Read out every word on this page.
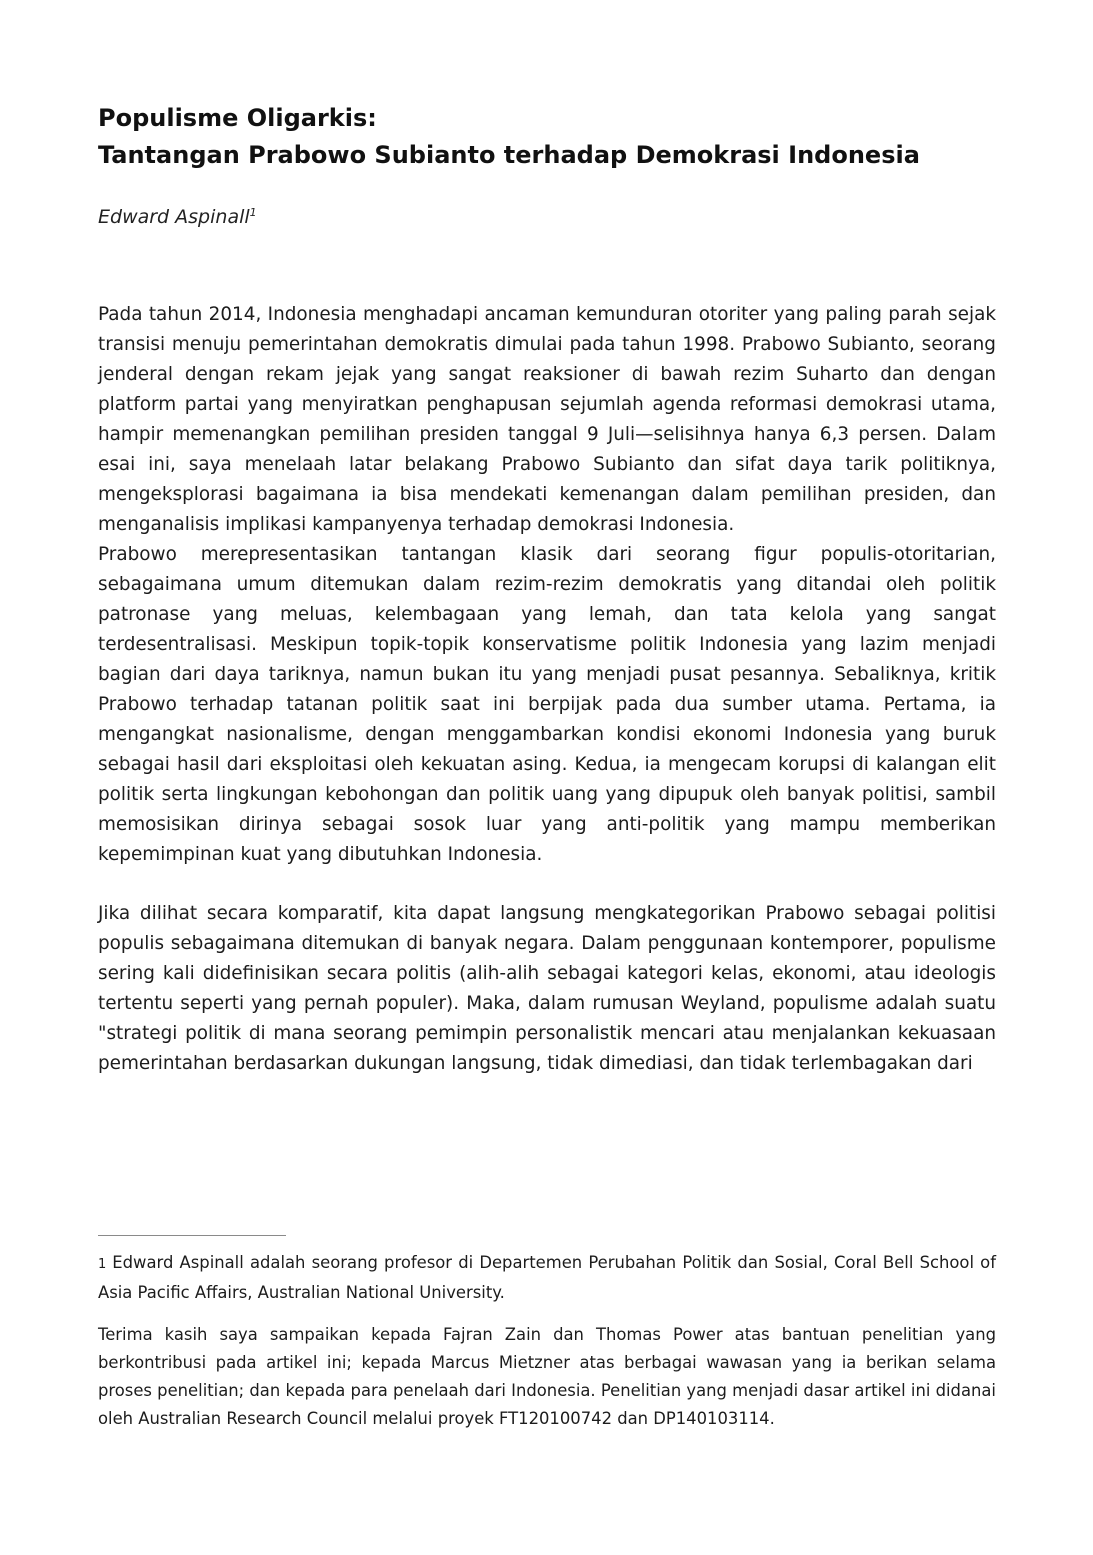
Populisme Oligarkis:
Tantangan Prabowo Subianto terhadap Demokrasi Indonesia

Edward Aspinall$^1$

Pada tahun 2014, Indonesia menghadapi ancaman kemunduran otoriter yang paling parah sejak transisi menuju pemerintahan demokratis dimulai pada tahun 1998. Prabowo Subianto, seorang jenderal dengan rekam jejak yang sangat reaksioner di bawah rezim Suharto dan dengan platform partai yang menyiratkan penghapusan sejumlah agenda reformasi demokrasi utama, hampir memenangkan pemilihan presiden tanggal 9 Juli—selisihnya hanya 6,3 persen. Dalam esai ini, saya menelaah latar belakang Prabowo Subianto dan sifat daya tarik politiknya, mengeksplorasi bagaimana ia bisa mendekati kemenangan dalam pemilihan presiden, dan menganalisis implikasi kampanyenya terhadap demokrasi Indonesia.

Prabowo merepresentasikan tantangan klasik dari seorang figur populis-otoritarian, sebagaimana umum ditemukan dalam rezim-rezim demokratis yang ditandai oleh politik patronase yang meluas, kelembagaan yang lemah, dan tata kelola yang sangat terdesentralisasi. Meskipun topik-topik konservatisme politik Indonesia yang lazim menjadi bagian dari daya tariknya, namun bukan itu yang menjadi pusat pesannya. Sebaliknya, kritik Prabowo terhadap tatanan politik saat ini berpijak pada dua sumber utama. Pertama, ia mengangkat nasionalisme, dengan menggambarkan kondisi ekonomi Indonesia yang buruk sebagai hasil dari eksploitasi oleh kekuatan asing. Kedua, ia mengecam korupsi di kalangan elit politik serta lingkungan kebohongan dan politik uang yang dipupuk oleh banyak politisi, sambil memosisikan dirinya sebagai sosok luar yang anti-politik yang mampu memberikan kepemimpinan kuat yang dibutuhkan Indonesia.

Jika dilihat secara komparatif, kita dapat langsung mengkategorikan Prabowo sebagai politisi populis sebagaimana ditemukan di banyak negara. Dalam penggunaan kontemporer, populisme sering kali didefinisikan secara politis (alih-alih sebagai kategori kelas, ekonomi, atau ideologis tertentu seperti yang pernah populer). Maka, dalam rumusan Weyland, populisme adalah suatu "strategi politik di mana seorang pemimpin personalistik mencari atau menjalankan kekuasaan pemerintahan berdasarkan dukungan langsung, tidak dimediasi, dan tidak terlembagakan dari

1 Edward Aspinall adalah seorang profesor di Departemen Perubahan Politik dan Sosial, Coral Bell School of Asia Pacific Affairs, Australian National University.

Terima kasih saya sampaikan kepada Fajran Zain dan Thomas Power atas bantuan penelitian yang berkontribusi pada artikel ini; kepada Marcus Mietzner atas berbagai wawasan yang ia berikan selama proses penelitian; dan kepada para penelaah dari Indonesia. Penelitian yang menjadi dasar artikel ini didanai oleh Australian Research Council melalui proyek FT120100742 dan DP140103114.
